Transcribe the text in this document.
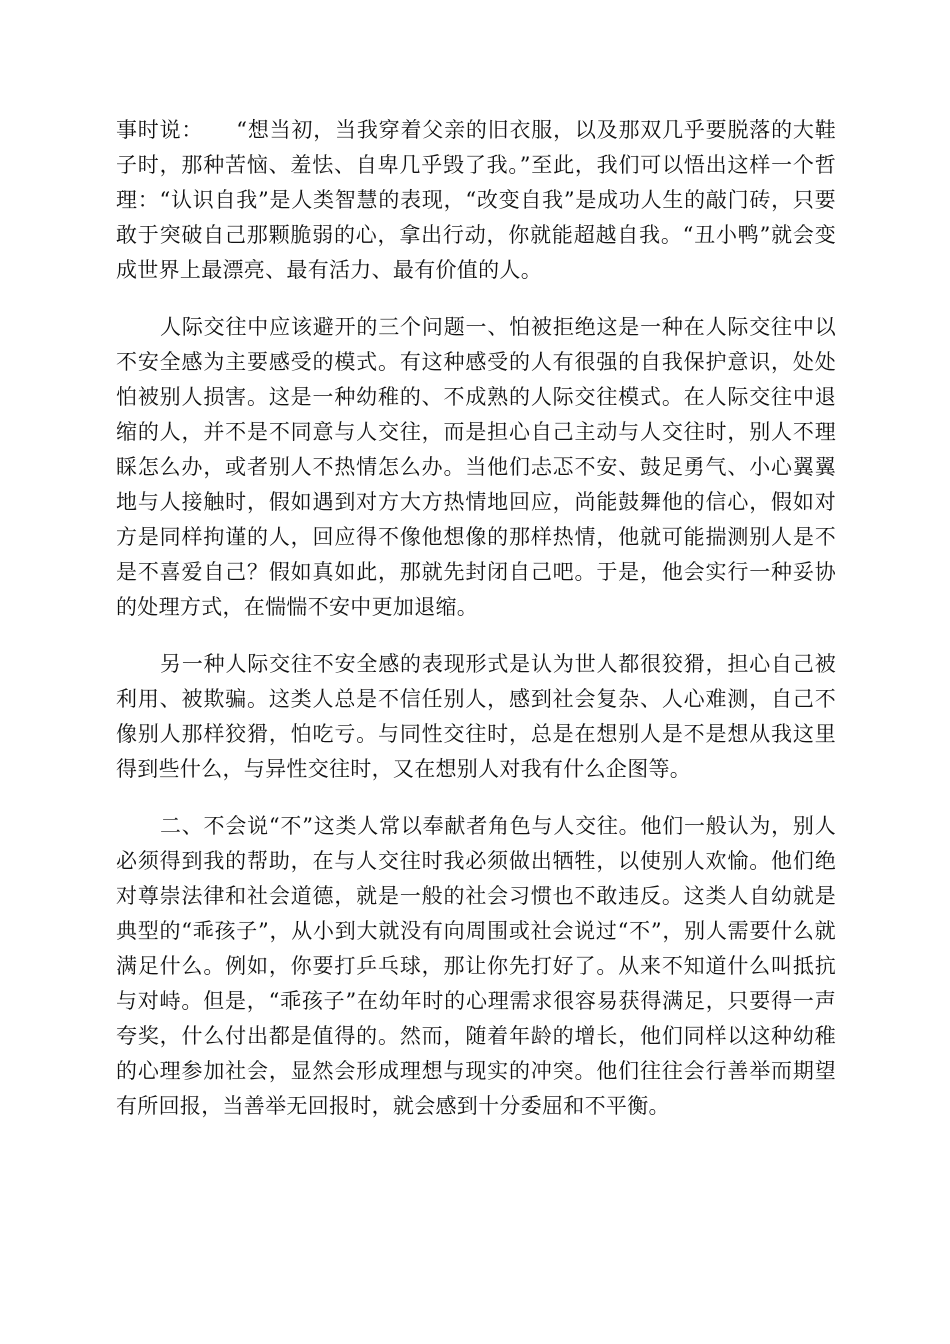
事时说：　　“想当初，当我穿着父亲的旧衣服，以及那双几乎要脱落的大鞋子时，那种苦恼、羞怯、自卑几乎毁了我。”至此，我们可以悟出这样一个哲理：“认识自我”是人类智慧的表现，“改变自我”是成功人生的敲门砖，只要敢于突破自己那颗脆弱的心，拿出行动，你就能超越自我。“丑小鸭”就会变成世界上最漂亮、最有活力、最有价值的人。

人际交往中应该避开的三个问题一、怕被拒绝这是一种在人际交往中以不安全感为主要感受的模式。有这种感受的人有很强的自我保护意识，处处怕被别人损害。这是一种幼稚的、不成熟的人际交往模式。在人际交往中退缩的人，并不是不同意与人交往，而是担心自己主动与人交往时，别人不理睬怎么办，或者别人不热情怎么办。当他们忐忑不安、鼓足勇气、小心翼翼地与人接触时，假如遇到对方大方热情地回应，尚能鼓舞他的信心，假如对方是同样拘谨的人，回应得不像他想像的那样热情，他就可能揣测别人是不是不喜爱自己？假如真如此，那就先封闭自己吧。于是，他会实行一种妥协的处理方式，在惴惴不安中更加退缩。

另一种人际交往不安全感的表现形式是认为世人都很狡猾，担心自己被利用、被欺骗。这类人总是不信任别人，感到社会复杂、人心难测，自己不像别人那样狡猾，怕吃亏。与同性交往时，总是在想别人是不是想从我这里得到些什么，与异性交往时，又在想别人对我有什么企图等。

二、不会说“不”这类人常以奉献者角色与人交往。他们一般认为，别人必须得到我的帮助，在与人交往时我必须做出牺牲，以使别人欢愉。他们绝对尊崇法律和社会道德，就是一般的社会习惯也不敢违反。这类人自幼就是典型的“乖孩子”，从小到大就没有向周围或社会说过“不”，别人需要什么就满足什么。例如，你要打乒乓球，那让你先打好了。从来不知道什么叫抵抗与对峙。但是，“乖孩子”在幼年时的心理需求很容易获得满足，只要得一声夸奖，什么付出都是值得的。然而，随着年龄的增长，他们同样以这种幼稚的心理参加社会，显然会形成理想与现实的冲突。他们往往会行善举而期望有所回报，当善举无回报时，就会感到十分委屈和不平衡。
